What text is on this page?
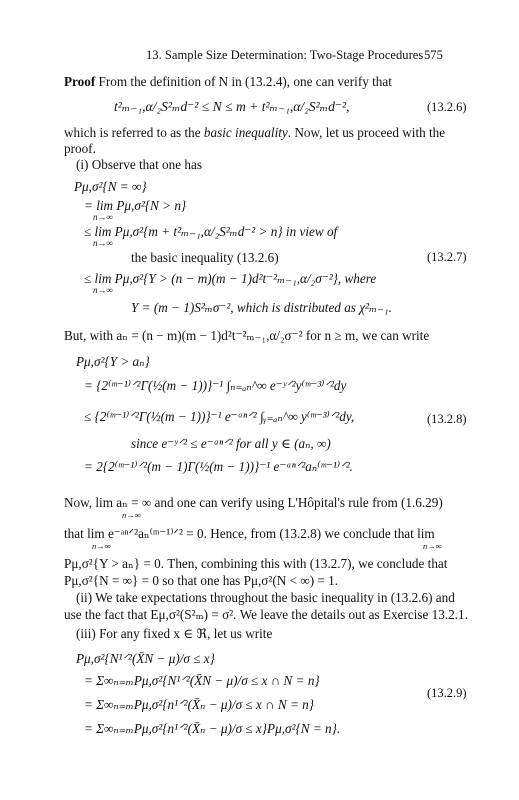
13. Sample Size Determination: Two-Stage Procedures 575
Proof From the definition of N in (13.2.4), one can verify that
t²ₘ₋₁,α/₂S²ₘd⁻² ≤ N ≤ m + t²ₘ₋₁,α/₂S²ₘd⁻²,	(13.2.6)
which is referred to as the basic inequality. Now, let us proceed with the
proof.
(i) Observe that one has
Pμ,σ²{N = ∞}
= lim Pμ,σ²{N > n}
n→∞
≤ lim Pμ,σ²{m + t²ₘ₋₁,α/₂S²ₘd⁻² > n} in view of
n→∞
the basic inequality (13.2.6)
≤ lim Pμ,σ²{Y > (n − m)(m − 1)d²t⁻²ₘ₋₁,α/₂σ⁻²}, where
n→∞
Y = (m − 1)S²ₘσ⁻², which is distributed as χ²ₘ₋₁.
(13.2.7)
But, with aₙ = (n − m)(m − 1)d²t⁻²ₘ₋₁,α/₂σ⁻² for n ≥ m, we can write
Pμ,σ²{Y > aₙ}
= {2⁽ᵐ⁻¹⁾ᐟ²Γ(½(m − 1))}⁻¹ ∫ₙ₌ₐₙ^∞ e⁻ʸᐟ²y⁽ᵐ⁻³⁾ᐟ²dy
≤ {2⁽ᵐ⁻¹⁾ᐟ²Γ(½(m − 1))}⁻¹ e⁻ᵃⁿᐟ² ∫ᵧ₌ₐₙ^∞ y⁽ᵐ⁻³⁾ᐟ²dy,
since e⁻ʸᐟ² ≤ e⁻ᵃⁿᐟ² for all y ∈ (aₙ, ∞)
= 2{2⁽ᵐ⁻¹⁾ᐟ²(m − 1)Γ(½(m − 1))}⁻¹ e⁻ᵃⁿᐟ²aₙ⁽ᵐ⁻¹⁾ᐟ².
(13.2.8)
Now, lim aₙ = ∞ and one can verify using L'Hôpital's rule from (1.6.29)
n→∞
that lim e⁻ᵃⁿᐟ²aₙ⁽ᵐ⁻¹⁾ᐟ² = 0. Hence, from (13.2.8) we conclude that lim
n→∞	n→∞
Pμ,σ²{Y > aₙ} = 0. Then, combining this with (13.2.7), we conclude that
Pμ,σ²{N = ∞} = 0 so that one has Pμ,σ²(N < ∞) = 1.
(ii) We take expectations throughout the basic inequality in (13.2.6) and
use the fact that Eμ,σ²(S²ₘ) = σ². We leave the details out as Exercise 13.2.1.
(iii) For any fixed x ∈ ℜ, let us write
Pμ,σ²{N¹ᐟ²(X̄N − μ)/σ ≤ x}
= Σ∞ₙ₌ₘPμ,σ²{N¹ᐟ²(X̄N − μ)/σ ≤ x ∩ N = n}
= Σ∞ₙ₌ₘPμ,σ²{n¹ᐟ²(X̄ₙ − μ)/σ ≤ x ∩ N = n}
= Σ∞ₙ₌ₘPμ,σ²{n¹ᐟ²(X̄ₙ − μ)/σ ≤ x}Pμ,σ²{N = n}.
(13.2.9)
